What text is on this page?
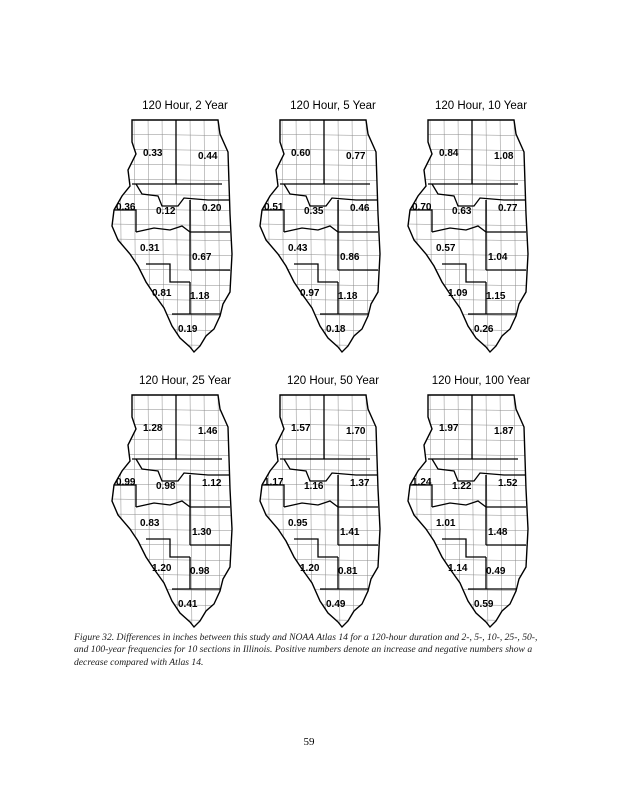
120 Hour, 2 Year
0.33	0.44
0.36 0.12	0.20
0.31
0.67
0.81 1.18
0.19
120 Hour, 5 Year
0.60	0.77
0.51 0.35	0.46
0.43
0.86
0.97 1.18
0.18
120 Hour, 10 Year
0.84	1.08
0.70 0.63	0.77
0.57
1.04
1.09 1.15
0.26
120 Hour, 25 Year
1.28	1.46
0.99 0.98	1.12
0.83
1.30
1.20 0.98
0.41
120 Hour, 50 Year
1.57	1.70
1.17 1.16	1.37
0.95
1.41
1.20 0.81
0.49
120 Hour, 100 Year
1.97	1.87
1.24 1.22	1.52
1.01
1.48
1.14 0.49
0.59
Figure 32. Differences in inches between this study and NOAA Atlas 14 for a 120-hour duration and 2-, 5-, 10-, 25-, 50-, and 100-year frequencies for 10 sections in Illinois. Positive numbers denote an increase and negative numbers show a decrease compared with Atlas 14.
59
